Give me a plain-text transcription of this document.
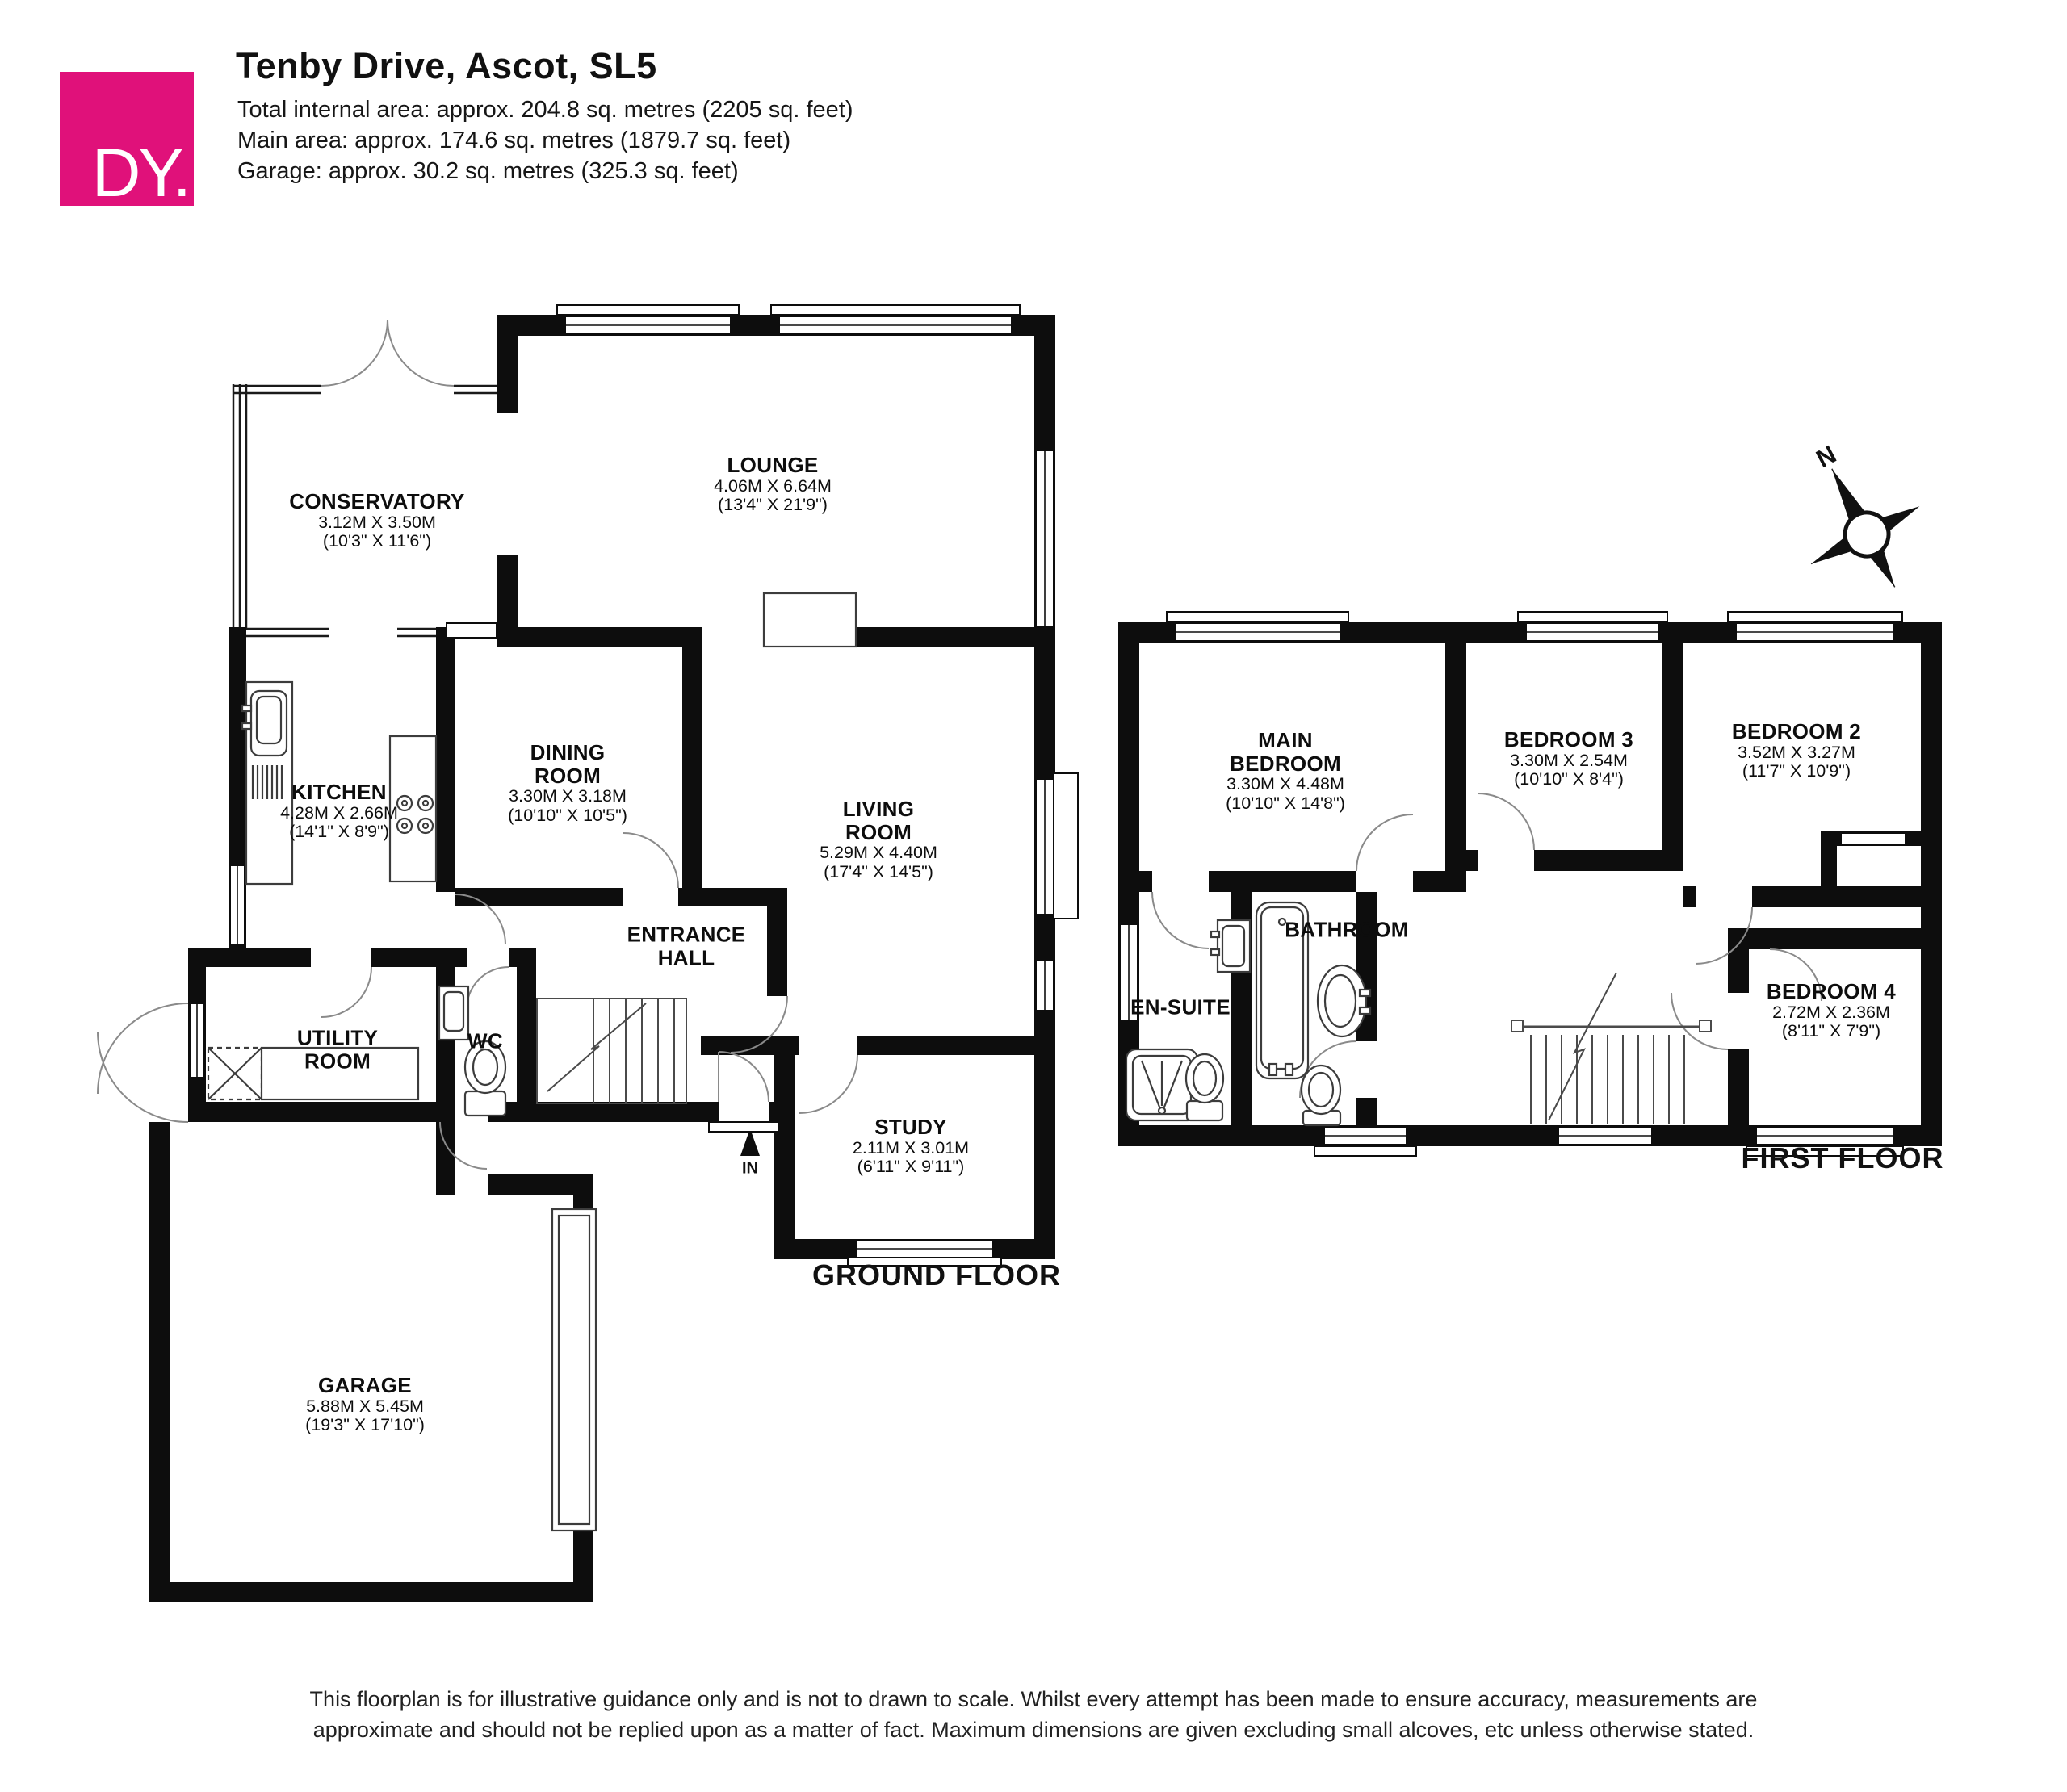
DY.
Tenby Drive, Ascot, SL5
Total internal area: approx. 204.8 sq. metres (2205 sq. feet)
Main area: approx. 174.6 sq. metres (1879.7 sq. feet)
Garage: approx. 30.2 sq. metres (325.3 sq. feet)
CONSERVATORY
3.12M X 3.50M
(10'3" X 11'6")
LOUNGE
4.06M X 6.64M
(13'4" X 21'9")
KITCHEN
4.28M X 2.66M
(14'1" X 8'9")
DINING ROOM
3.30M X 3.18M
(10'10" X 10'5")	LIVING ROOM
5.29M X 4.40M
(17'4" X 14'5")
ENTRANCE HALL
UTILITY ROOM
WC
STUDY
2.11M X 3.01M
(6'11" X 9'11")
GARAGE
5.88M X 5.45M
(19'3" X 17'10")
IN
GROUND FLOOR
MAIN BEDROOM
3.30M X 4.48M
(10'10" X 14'8")
BEDROOM 3
3.30M X 2.54M
(10'10" X 8'4")
BEDROOM 2
3.52M X 3.27M
(11'7" X 10'9")
EN-SUITE
BATHROOM
BEDROOM 4
2.72M X 2.36M
(8'11" X 7'9")
FIRST FLOOR
N
This floorplan is for illustrative guidance only and is not to drawn to scale. Whilst every attempt has been made to ensure accuracy, measurements are
approximate and should not be replied upon as a matter of fact. Maximum dimensions are given excluding small alcoves, etc unless otherwise stated.
